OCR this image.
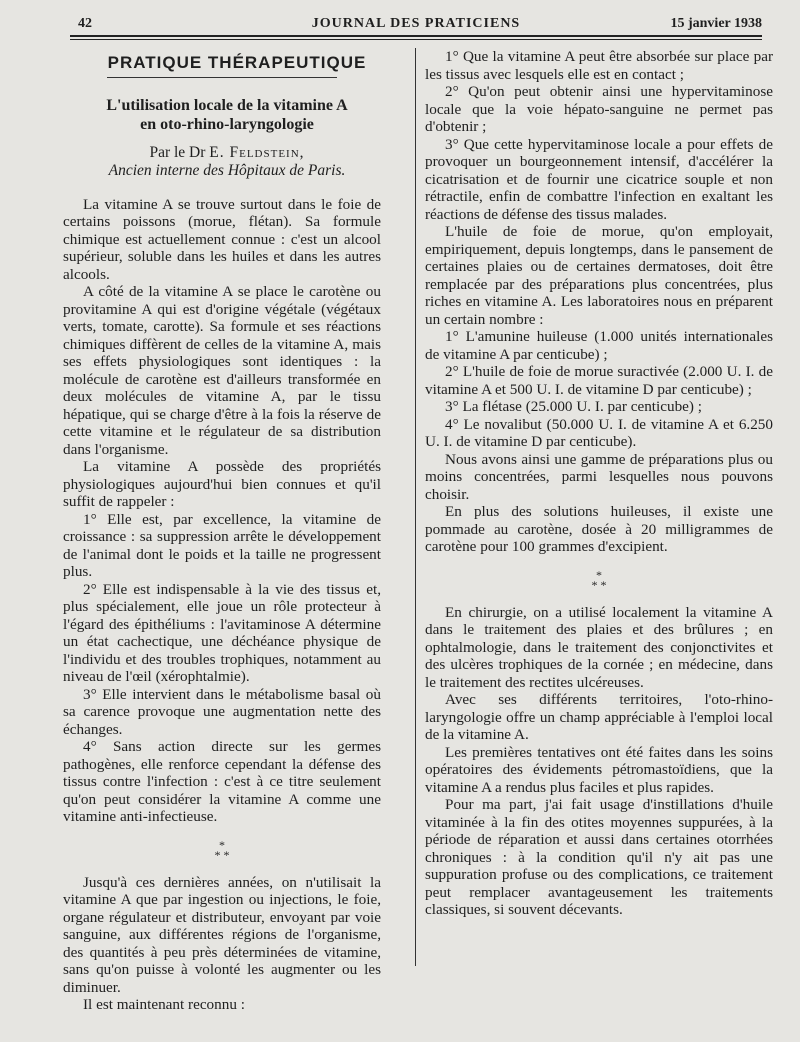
42	JOURNAL DES PRATICIENS	15 janvier 1938
PRATIQUE THÉRAPEUTIQUE
L'utilisation locale de la vitamine A
en oto-rhino-laryngologie
Par le Dr E. Feldstein,
Ancien interne des Hôpitaux de Paris.

La vitamine A se trouve surtout dans le foie de certains poissons (morue, flétan). Sa formule chimique est actuellement connue : c'est un alcool supérieur, soluble dans les huiles et dans les autres alcools.

A côté de la vitamine A se place le carotène ou provitamine A qui est d'origine végétale (végétaux verts, tomate, carotte). Sa formule et ses réactions chimiques diffèrent de celles de la vitamine A, mais ses effets physiologiques sont identiques : la molécule de carotène est d'ailleurs transformée en deux molécules de vitamine A, par le tissu hépatique, qui se charge d'être à la fois la réserve de cette vitamine et le régulateur de sa distribution dans l'organisme.

La vitamine A possède des propriétés physiologiques aujourd'hui bien connues et qu'il suffit de rappeler :

1° Elle est, par excellence, la vitamine de croissance : sa suppression arrête le développement de l'animal dont le poids et la taille ne progressent plus.

2° Elle est indispensable à la vie des tissus et, plus spécialement, elle joue un rôle protecteur à l'égard des épithéliums : l'avitaminose A détermine un état cachectique, une déchéance physique de l'individu et des troubles trophiques, notamment au niveau de l'œil (xérophtalmie).

3° Elle intervient dans le métabolisme basal où sa carence provoque une augmentation nette des échanges.

4° Sans action directe sur les germes pathogènes, elle renforce cependant la défense des tissus contre l'infection : c'est à ce titre seulement qu'on peut considérer la vitamine A comme une vitamine anti-infectieuse.

*
* *

Jusqu'à ces dernières années, on n'utilisait la vitamine A que par ingestion ou injections, le foie, organe régulateur et distributeur, envoyant par voie sanguine, aux différentes régions de l'organisme, des quantités à peu près déterminées de vitamine, sans qu'on puisse à volonté les augmenter ou les diminuer.

Il est maintenant reconnu :

1° Que la vitamine A peut être absorbée sur place par les tissus avec lesquels elle est en contact ;

2° Qu'on peut obtenir ainsi une hypervitaminose locale que la voie hépato-sanguine ne permet pas d'obtenir ;

3° Que cette hypervitaminose locale a pour effets de provoquer un bourgeonnement intensif, d'accélérer la cicatrisation et de fournir une cicatrice souple et non rétractile, enfin de combattre l'infection en exaltant les réactions de défense des tissus malades.

L'huile de foie de morue, qu'on employait, empiriquement, depuis longtemps, dans le pansement de certaines plaies ou de certaines dermatoses, doit être remplacée par des préparations plus concentrées, plus riches en vitamine A. Les laboratoires nous en préparent un certain nombre :

1° L'amunine huileuse (1.000 unités internationales de vitamine A par centicube) ;

2° L'huile de foie de morue suractivée (2.000 U. I. de vitamine A et 500 U. I. de vitamine D par centicube) ;

3° La flétase (25.000 U. I. par centicube) ;

4° Le novalibut (50.000 U. I. de vitamine A et 6.250 U. I. de vitamine D par centicube).

Nous avons ainsi une gamme de préparations plus ou moins concentrées, parmi lesquelles nous pouvons choisir.

En plus des solutions huileuses, il existe une pommade au carotène, dosée à 20 milligrammes de carotène pour 100 grammes d'excipient.

*
* *

En chirurgie, on a utilisé localement la vitamine A dans le traitement des plaies et des brûlures ; en ophtalmologie, dans le traitement des conjonctivites et des ulcères trophiques de la cornée ; en médecine, dans le traitement des rectites ulcéreuses.

Avec ses différents territoires, l'oto-rhino-laryngologie offre un champ appréciable à l'emploi local de la vitamine A.

Les premières tentatives ont été faites dans les soins opératoires des évidements pétromastoïdiens, que la vitamine A a rendus plus faciles et plus rapides.

Pour ma part, j'ai fait usage d'instillations d'huile vitaminée à la fin des otites moyennes suppurées, à la période de réparation et aussi dans certaines otorrhées chroniques : à la condition qu'il n'y ait pas une suppuration profuse ou des complications, ce traitement peut remplacer avantageusement les traitements classiques, si souvent décevants.
